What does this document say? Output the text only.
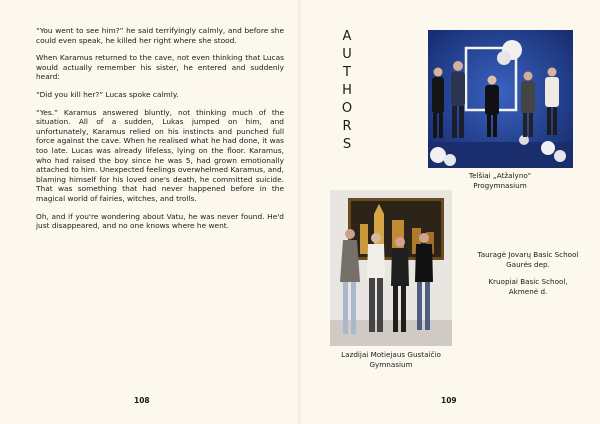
“You went to see him?” he said terrifyingly calmly, and before she could even speak, he killed her right where she stood.

When Karamus returned to the cave, not even thinking that Lucas would actually remember his sister, he entered and suddenly heard:

“Did you kill her?” Lucas spoke calmly.

“Yes.” Karamus answered bluntly, not thinking much of the situation. All of a sudden, Lukas jumped on him, and unfortunately, Karamus relied on his instincts and punched full force against the cave. When he realised what he had done, it was too late. Lucas was already lifeless, lying on the floor. Karamus, who had raised the boy since he was 5, had grown emotionally attached to him. Unexpected feelings overwhelmed Karamus, and, blaming himself for his loved one's death, he committed suicide. That was something that had never happened before in the magical world of fairies, witches, and trolls.

Oh, and if you're wondering about Vatu, he was never found. He'd just disappeared, and no one knows where he went.

108
A
U
T
H
O
R
S
Telšiai „Atžalyno"
Progymnasium
Lazdijai Motiejaus Gustaičio
Gymnasium
Tauragė Jovarų Basic School
Gaurės dep.
Kruopiai Basic School,
Akmenė d.
109
